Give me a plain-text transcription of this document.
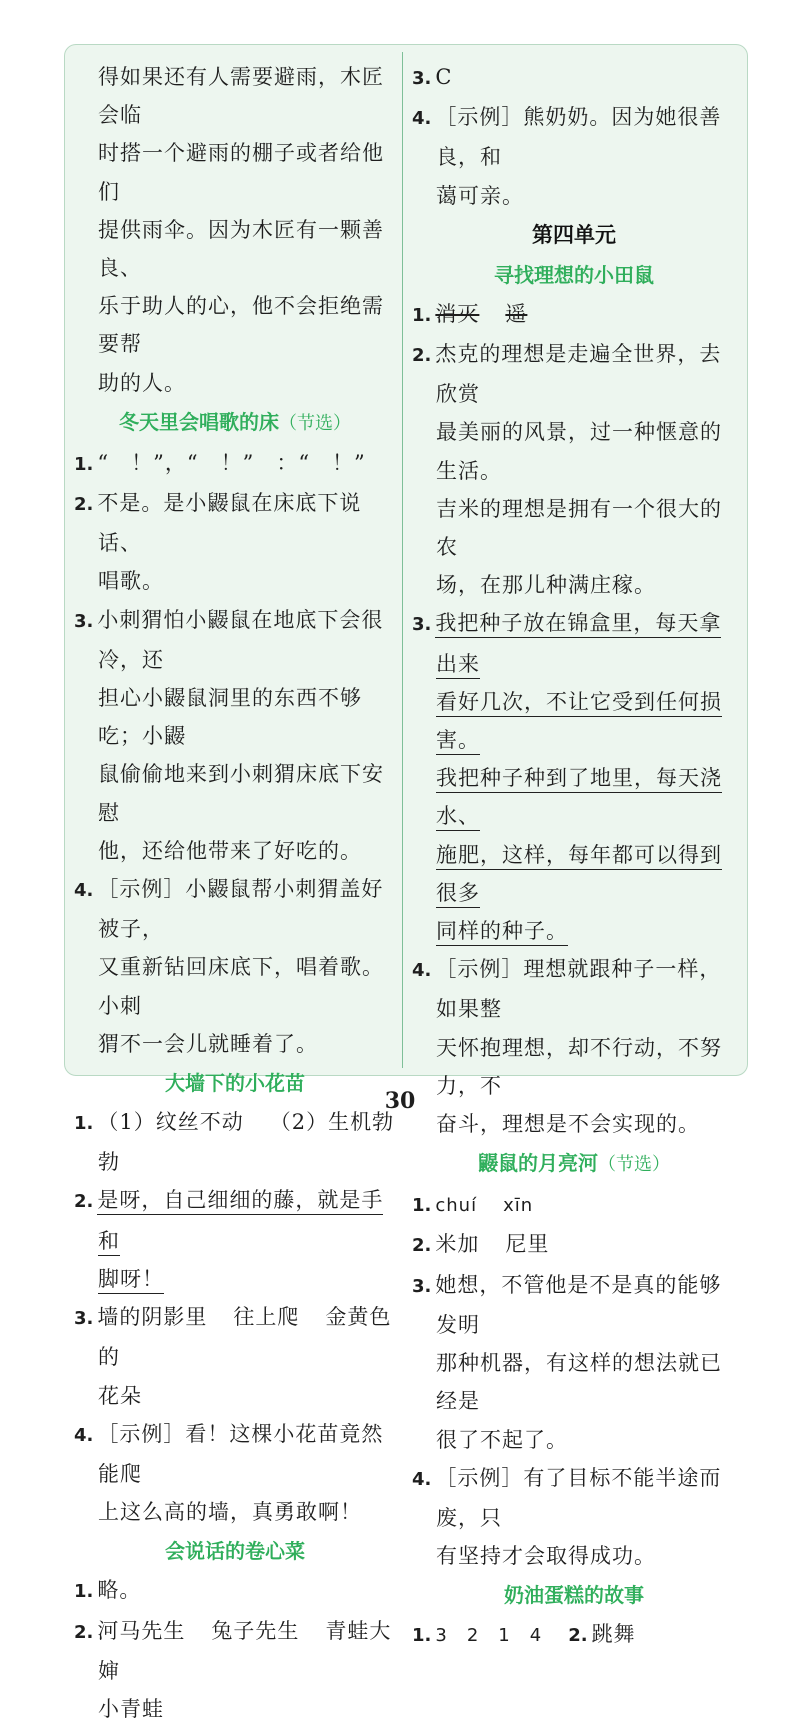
得如果还有人需要避雨，木匠会临

时搭一个避雨的棚子或者给他们

提供雨伞。因为木匠有一颗善良、

乐于助人的心，他不会拒绝需要帮

助的人。

冬天里会唱歌的床（节选）

1. “　！”，“　！”　：“　！”

2. 不是。是小鼹鼠在床底下说话、

唱歌。

3. 小刺猬怕小鼹鼠在地底下会很冷，还

担心小鼹鼠洞里的东西不够吃；小鼹

鼠偷偷地来到小刺猬床底下安慰

他，还给他带来了好吃的。

4. ［示例］小鼹鼠帮小刺猬盖好被子，

又重新钻回床底下，唱着歌。小刺

猬不一会儿就睡着了。

大墙下的小花苗

1. （1）纹丝不动 （2）生机勃勃

2. 是呀，自己细细的藤，就是手和

脚呀！

3. 墙的阴影里 往上爬 金黄色的

花朵

4. ［示例］看！这棵小花苗竟然能爬

上这么高的墙，真勇敢啊！

会说话的卷心菜

1. 略。

2. 河马先生 兔子先生 青蛙大婶

小青蛙

3. C

4. ［示例］熊奶奶。因为她很善良，和

蔼可亲。

第四单元

寻找理想的小田鼠

1. 消灭 遥

2. 杰克的理想是走遍全世界，去欣赏

最美丽的风景，过一种惬意的生活。

吉米的理想是拥有一个很大的农

场，在那儿种满庄稼。

3. 我把种子放在锦盒里，每天拿出来

看好几次，不让它受到任何损害。

我把种子种到了地里，每天浇水、

施肥，这样，每年都可以得到很多

同样的种子。

4. ［示例］理想就跟种子一样，如果整

天怀抱理想，却不行动，不努力，不

奋斗，理想是不会实现的。

鼹鼠的月亮河（节选）

1. chuí xīn

2. 米加 尼里

3. 她想，不管他是不是真的能够发明

那种机器，有这样的想法就已经是

很了不起了。

4. ［示例］有了目标不能半途而废，只

有坚持才会取得成功。

奶油蛋糕的故事

1. 3　2　1　4 2. 跳舞

30
